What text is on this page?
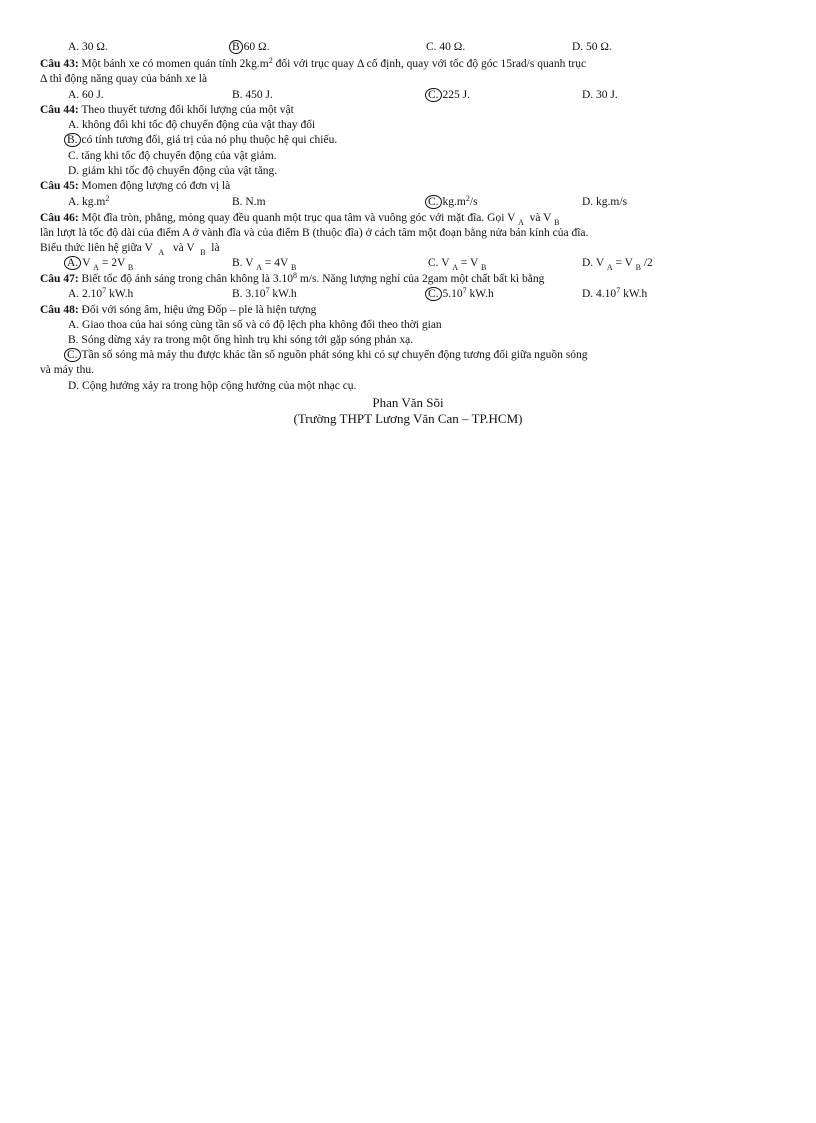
A. 30 Ω.	B 60 Ω.	C. 40 Ω.	D. 50 Ω.
Câu 43: Một bánh xe có momen quán tính $2kg.m^2$ đối với trục quay Δ cố định, quay với tốc độ góc 15rad/s quanh trục
Δ thì động năng quay của bánh xe là
A. 60 J.	B. 450 J.	C. 225 J.	D. 30 J.
Câu 44: Theo thuyết tương đối khối lượng của một vật
A. không đổi khi tốc độ chuyển động của vật thay đổi
B. có tính tương đối, giá trị của nó phụ thuộc hệ qui chiếu.
C. tăng khi tốc độ chuyển động của vật giảm.
D. giảm khi tốc độ chuyển động của vật tăng.
Câu 45: Momen động lượng có đơn vị là
A. $kg.m^2$	B. N.m	C. $kg.m^2/s$	D. kg.m/s
Câu 46: Một đĩa tròn, phẳng, mỏng quay đều quanh một trục qua tâm và vuông góc với mặt đĩa. Gọi V $_A$ và V $_B$
lần lượt là tốc độ dài của điểm A ở vành đĩa và của điểm B (thuộc đĩa) ở cách tâm một đoạn bằng nửa bán kính của đĩa.
Biểu thức liên hệ giữa V $_A$ và V $_B$ là
A. V $_A$ = 2V $_B$	B. V $_A$ = 4V $_B$	C. V $_A$ = V $_B$	D. V $_A$ = V $_B$ /2
Câu 47: Biết tốc độ ánh sáng trong chân không là 3.10$^8$ m/s. Năng lượng nghỉ của 2gam một chất bất kì bằng
A. 2.10$^7$ kW.h	B. 3.10$^7$ kW.h	C. 5.10$^7$ kW.h	D. 4.10$^7$ kW.h
Câu 48: Đối với sóng âm, hiệu ứng Đốp – ple là hiện tượng
A. Giao thoa của hai sóng cùng tần số và có độ lệch pha không đổi theo thời gian
B. Sóng dừng xảy ra trong một ống hình trụ khi sóng tới gặp sóng phản xạ.
C. Tần số sóng mà máy thu được khác tần số nguồn phát sóng khi có sự chuyển động tương đối giữa nguồn sóng
và máy thu.
D. Cộng hưởng xảy ra trong hộp cộng hưởng của một nhạc cụ.
Phan Văn Sõi
(Trường THPT Lương Văn Can – TP.HCM)
